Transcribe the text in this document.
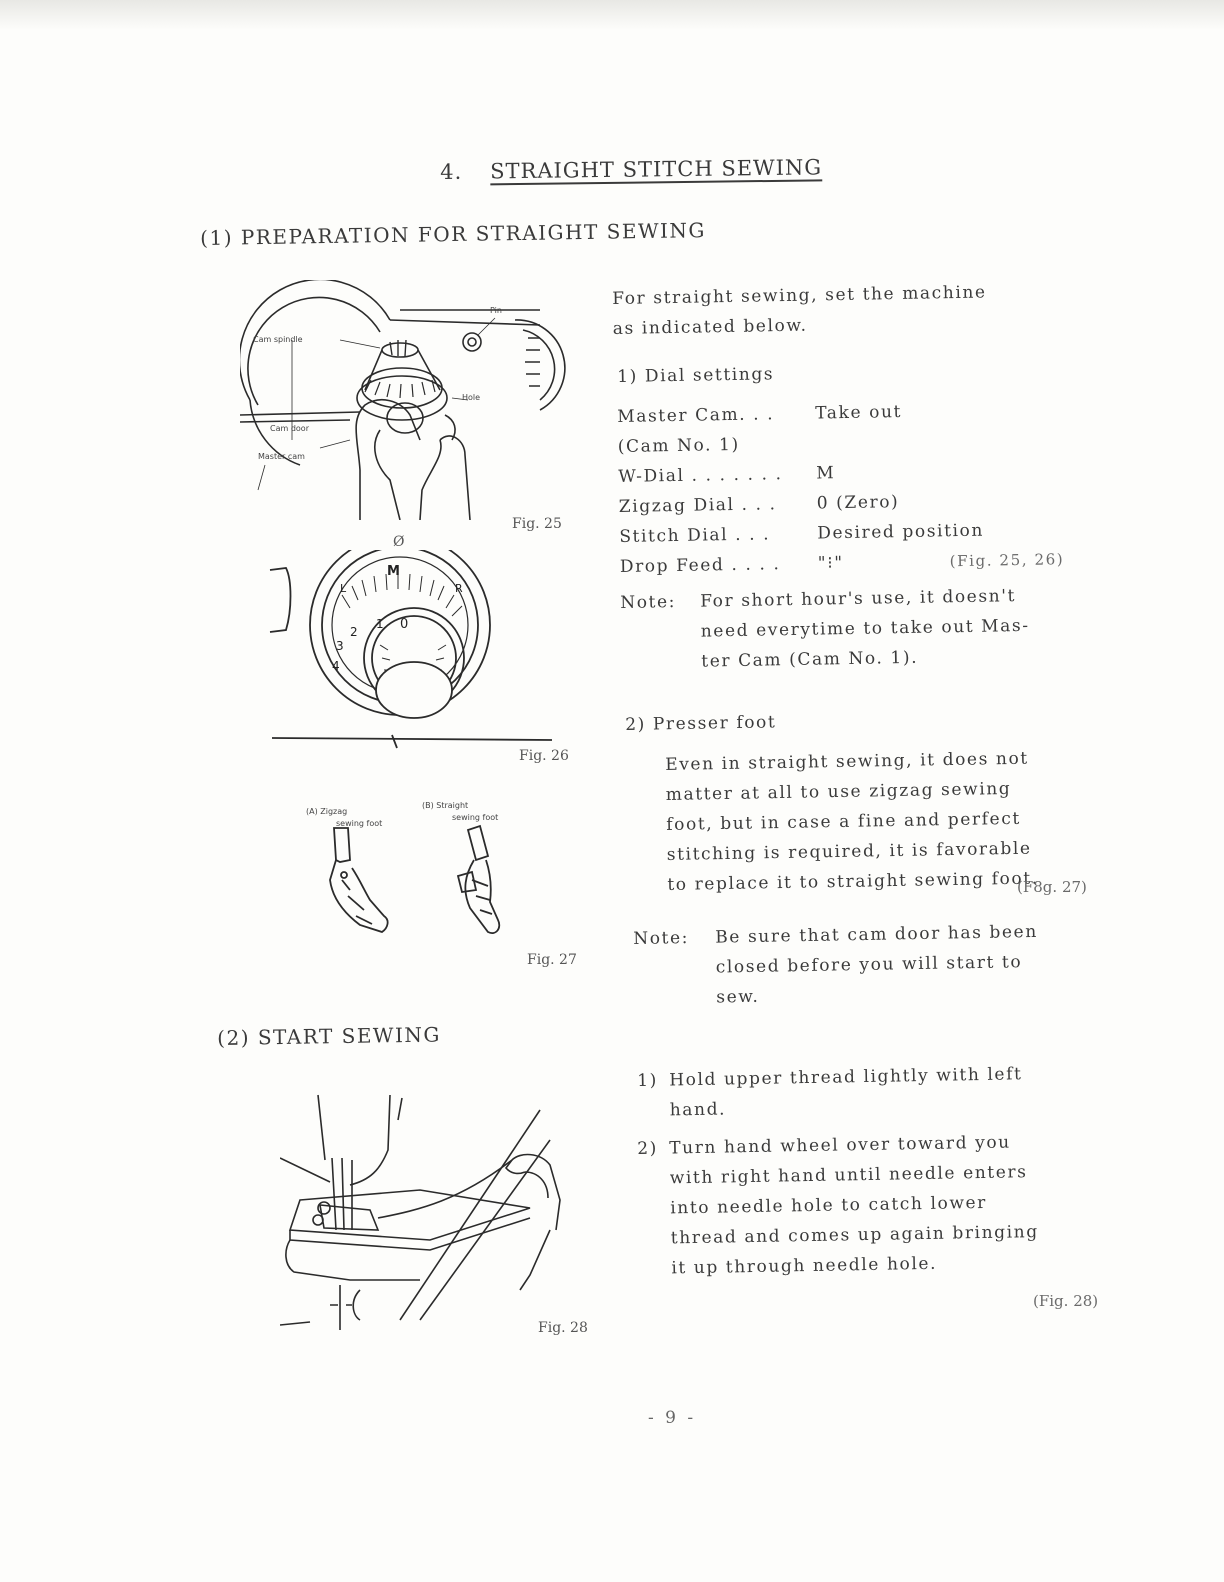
4. STRAIGHT STITCH SEWING
(1) PREPARATION FOR STRAIGHT SEWING
Cam spindle
Pin
Hole
Cam door
Master cam
Fig. 25
Ø
M
L	R
4
3
2
1 0
Fig. 26
(A) Zigzag
sewing foot
(B) Straight
sewing foot
Fig. 27
Fig. 28
For straight sewing, set the machine
as indicated below.
1) Dial settings
Master Cam. . . Take out
(Cam No. 1)
W-Dial . . . . . . . M
Zigzag Dial . . . 0 (Zero)
Stitch Dial . . .	Desired position
Drop Feed . . . . "⁝"	(Fig. 25, 26)
Note: For short hour's use, it doesn't
need everytime to take out Mas-
ter Cam (Cam No. 1).
2) Presser foot
Even in straight sewing, it does not
matter at all to use zigzag sewing
foot, but in case a fine and perfect
stitching is required, it is favorable
to replace it to straight sewing foot.
(F8g. 27)
Note: Be sure that cam door has been
closed before you will start to
sew.
(2) START SEWING
1) Hold upper thread lightly with left
hand.
2) Turn hand wheel over toward you
with right hand until needle enters
into needle hole to catch lower
thread and comes up again bringing
it up through needle hole.
(Fig. 28)
- 9 -
